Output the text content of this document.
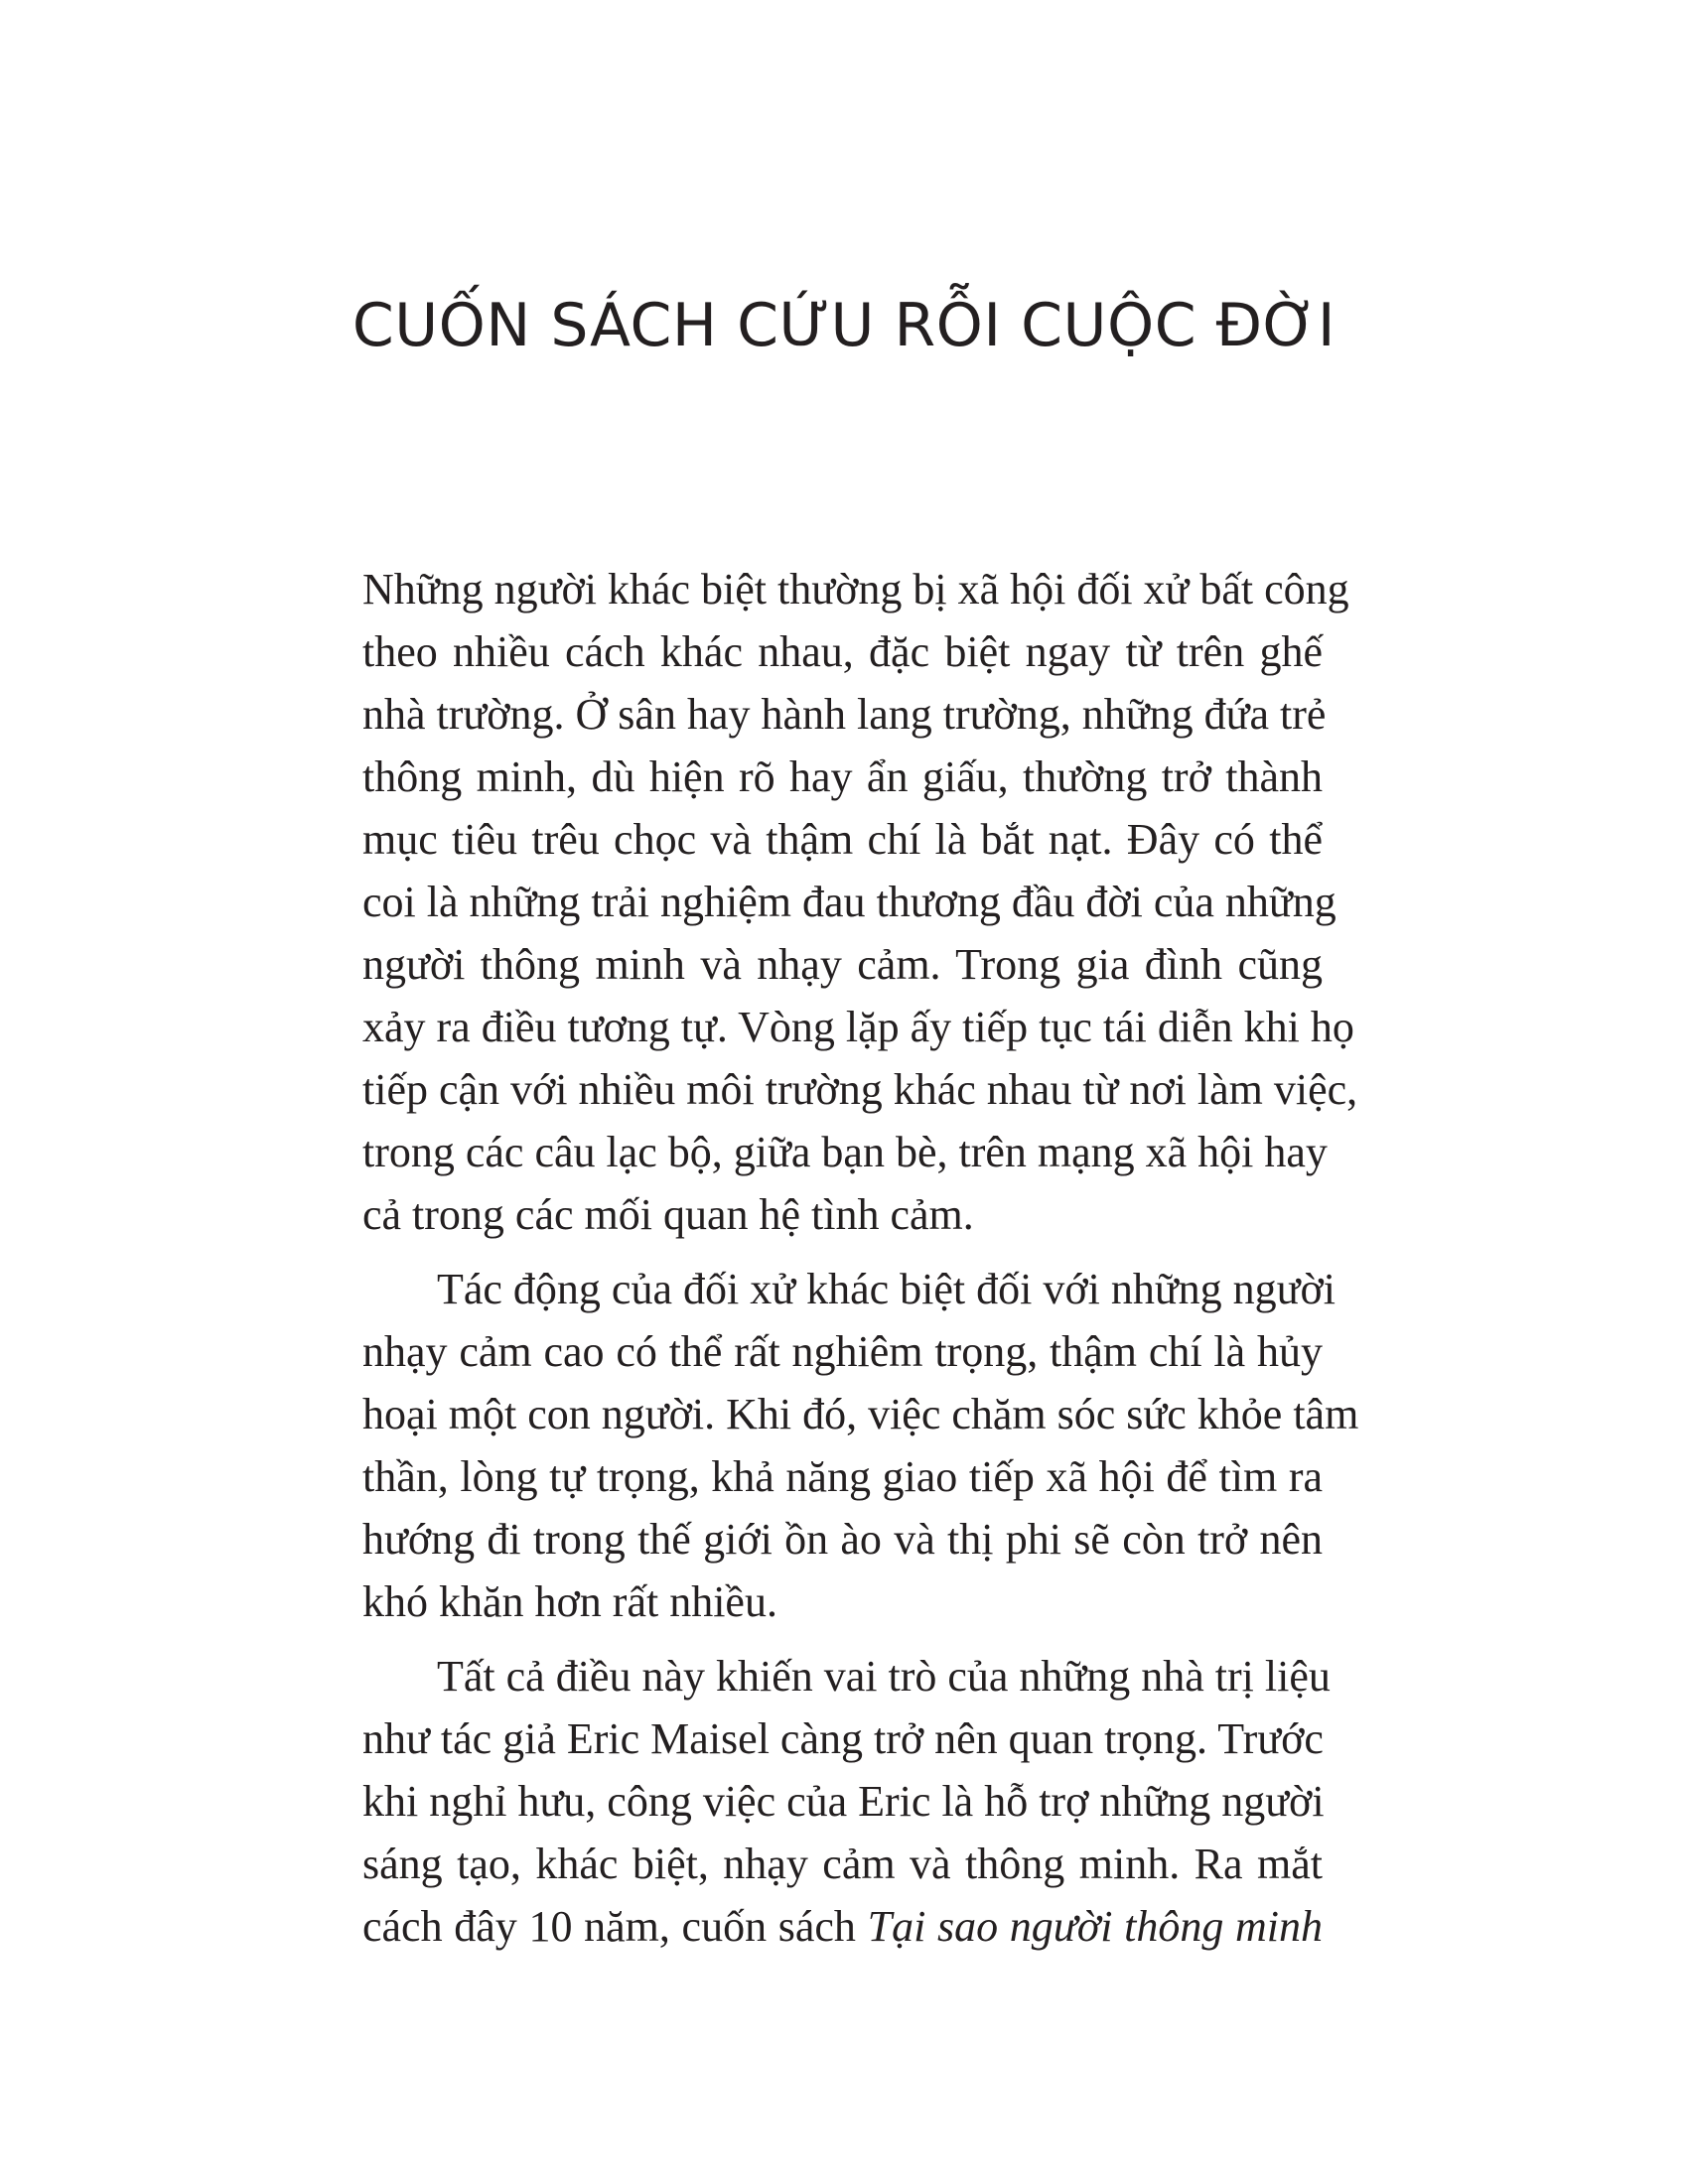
CUỐN SÁCH CỨU RỖI CUỘC ĐỜI

Những người khác biệt thường bị xã hội đối xử bất công
theo nhiều cách khác nhau, đặc biệt ngay từ trên ghế
nhà trường. Ở sân hay hành lang trường, những đứa trẻ
thông minh, dù hiện rõ hay ẩn giấu, thường trở thành
mục tiêu trêu chọc và thậm chí là bắt nạt. Đây có thể
coi là những trải nghiệm đau thương đầu đời của những
người thông minh và nhạy cảm. Trong gia đình cũng
xảy ra điều tương tự. Vòng lặp ấy tiếp tục tái diễn khi họ
tiếp cận với nhiều môi trường khác nhau từ nơi làm việc,
trong các câu lạc bộ, giữa bạn bè, trên mạng xã hội hay
cả trong các mối quan hệ tình cảm.

Tác động của đối xử khác biệt đối với những người
nhạy cảm cao có thể rất nghiêm trọng, thậm chí là hủy
hoại một con người. Khi đó, việc chăm sóc sức khỏe tâm
thần, lòng tự trọng, khả năng giao tiếp xã hội để tìm ra
hướng đi trong thế giới ồn ào và thị phi sẽ còn trở nên
khó khăn hơn rất nhiều.

Tất cả điều này khiến vai trò của những nhà trị liệu
như tác giả Eric Maisel càng trở nên quan trọng. Trước
khi nghỉ hưu, công việc của Eric là hỗ trợ những người
sáng tạo, khác biệt, nhạy cảm và thông minh. Ra mắt
cách đây 10 năm, cuốn sách Tại sao người thông minh
